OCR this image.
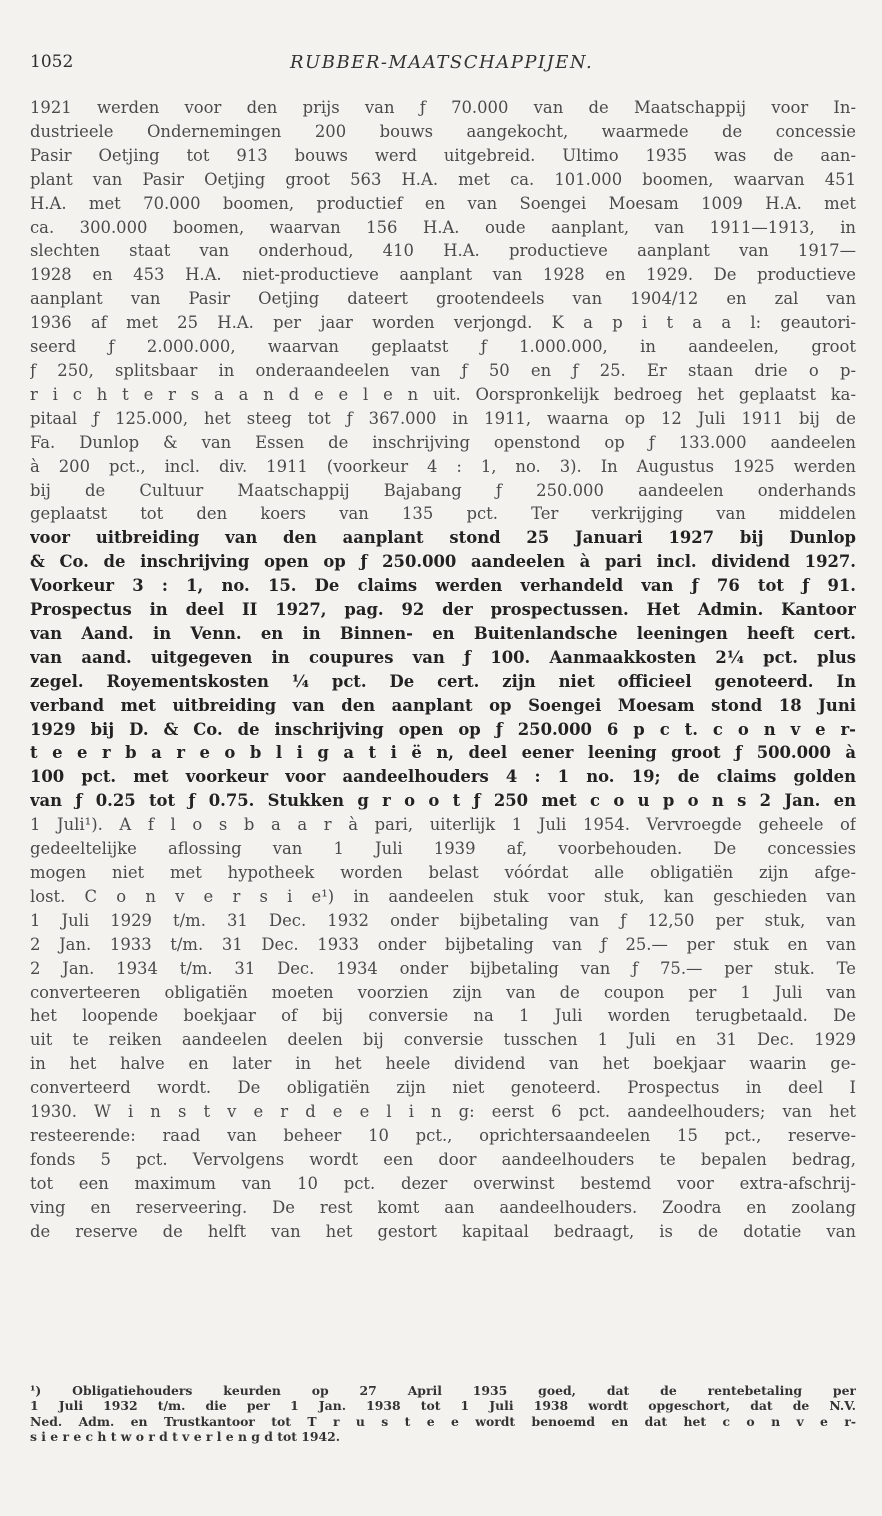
1052	RUBBER-MAATSCHAPPIJEN.
1921 werden voor den prijs van ƒ 70.000 van de Maatschappij voor In-
dustrieele Ondernemingen 200 bouws aangekocht, waarmede de concessie
Pasir Oetjing tot 913 bouws werd uitgebreid. Ultimo 1935 was de aan-
plant van Pasir Oetjing groot 563 H.A. met ca. 101.000 boomen, waarvan 451
H.A. met 70.000 boomen, productief en van Soengei Moesam 1009 H.A. met
ca. 300.000 boomen, waarvan 156 H.A. oude aanplant, van 1911—1913, in
slechten staat van onderhoud, 410 H.A. productieve aanplant van 1917—
1928 en 453 H.A. niet-productieve aanplant van 1928 en 1929. De productieve
aanplant van Pasir Oetjing dateert grootendeels van 1904/12 en zal van
1936 af met 25 H.A. per jaar worden verjongd. K a p i t a a l: geautori-
seerd ƒ 2.000.000, waarvan geplaatst ƒ 1.000.000, in aandeelen, groot
ƒ 250, splitsbaar in onderaandeelen van ƒ 50 en ƒ 25. Er staan drie o p-
r i c h t e r s a a n d e e l e n uit. Oorspronkelijk bedroeg het geplaatst ka-
pitaal ƒ 125.000, het steeg tot ƒ 367.000 in 1911, waarna op 12 Juli 1911 bij de
Fa. Dunlop & van Essen de inschrijving openstond op ƒ 133.000 aandeelen
à 200 pct., incl. div. 1911 (voorkeur 4 : 1, no. 3). In Augustus 1925 werden
bij de Cultuur Maatschappij Bajabang ƒ 250.000 aandeelen onderhands
geplaatst tot den koers van 135 pct. Ter verkrijging van middelen
voor uitbreiding van den aanplant stond 25 Januari 1927 bij Dunlop
& Co. de inschrijving open op ƒ 250.000 aandeelen à pari incl. dividend 1927.
Voorkeur 3 : 1, no. 15. De claims werden verhandeld van ƒ 76 tot ƒ 91.
Prospectus in deel II 1927, pag. 92 der prospectussen. Het Admin. Kantoor
van Aand. in Venn. en in Binnen- en Buitenlandsche leeningen heeft cert.
van aand. uitgegeven in coupures van ƒ 100. Aanmaakkosten 2¼ pct. plus
zegel. Royementskosten ¼ pct. De cert. zijn niet officieel genoteerd. In
verband met uitbreiding van den aanplant op Soengei Moesam stond 18 Juni
1929 bij D. & Co. de inschrijving open op ƒ 250.000 6 p c t. c o n v e r-
t e e r b a r e o b l i g a t i ë n, deel eener leening groot ƒ 500.000 à
100 pct. met voorkeur voor aandeelhouders 4 : 1 no. 19; de claims golden
van ƒ 0.25 tot ƒ 0.75. Stukken g r o o t ƒ 250 met c o u p o n s 2 Jan. en
1 Juli¹). A f l o s b a a r à pari, uiterlijk 1 Juli 1954. Vervroegde geheele of
gedeeltelijke aflossing van 1 Juli 1939 af, voorbehouden. De concessies
mogen niet met hypotheek worden belast vóórdat alle obligatiën zijn afge-
lost. C o n v e r s i e¹) in aandeelen stuk voor stuk, kan geschieden van
1 Juli 1929 t/m. 31 Dec. 1932 onder bijbetaling van ƒ 12,50 per stuk, van
2 Jan. 1933 t/m. 31 Dec. 1933 onder bijbetaling van ƒ 25.— per stuk en van
2 Jan. 1934 t/m. 31 Dec. 1934 onder bijbetaling van ƒ 75.— per stuk. Te
converteeren obligatiën moeten voorzien zijn van de coupon per 1 Juli van
het loopende boekjaar of bij conversie na 1 Juli worden terugbetaald. De
uit te reiken aandeelen deelen bij conversie tusschen 1 Juli en 31 Dec. 1929
in het halve en later in het heele dividend van het boekjaar waarin ge-
converteerd wordt. De obligatiën zijn niet genoteerd. Prospectus in deel I
1930. W i n s t v e r d e e l i n g: eerst 6 pct. aandeelhouders; van het
resteerende: raad van beheer 10 pct., oprichtersaandeelen 15 pct., reserve-
fonds 5 pct. Vervolgens wordt een door aandeelhouders te bepalen bedrag,
tot een maximum van 10 pct. dezer overwinst bestemd voor extra-afschrij-
ving en reserveering. De rest komt aan aandeelhouders. Zoodra en zoolang
de reserve de helft van het gestort kapitaal bedraagt, is de dotatie van
¹) Obligatiehouders keurden op 27 April 1935 goed, dat de rentebetaling per
1 Juli 1932 t/m. die per 1 Jan. 1938 tot 1 Juli 1938 wordt opgeschort, dat de N.V.
Ned. Adm. en Trustkantoor tot T r u s t e e wordt benoemd en dat het c o n v e r-
s i e r e c h t w o r d t v e r l e n g d tot 1942.
